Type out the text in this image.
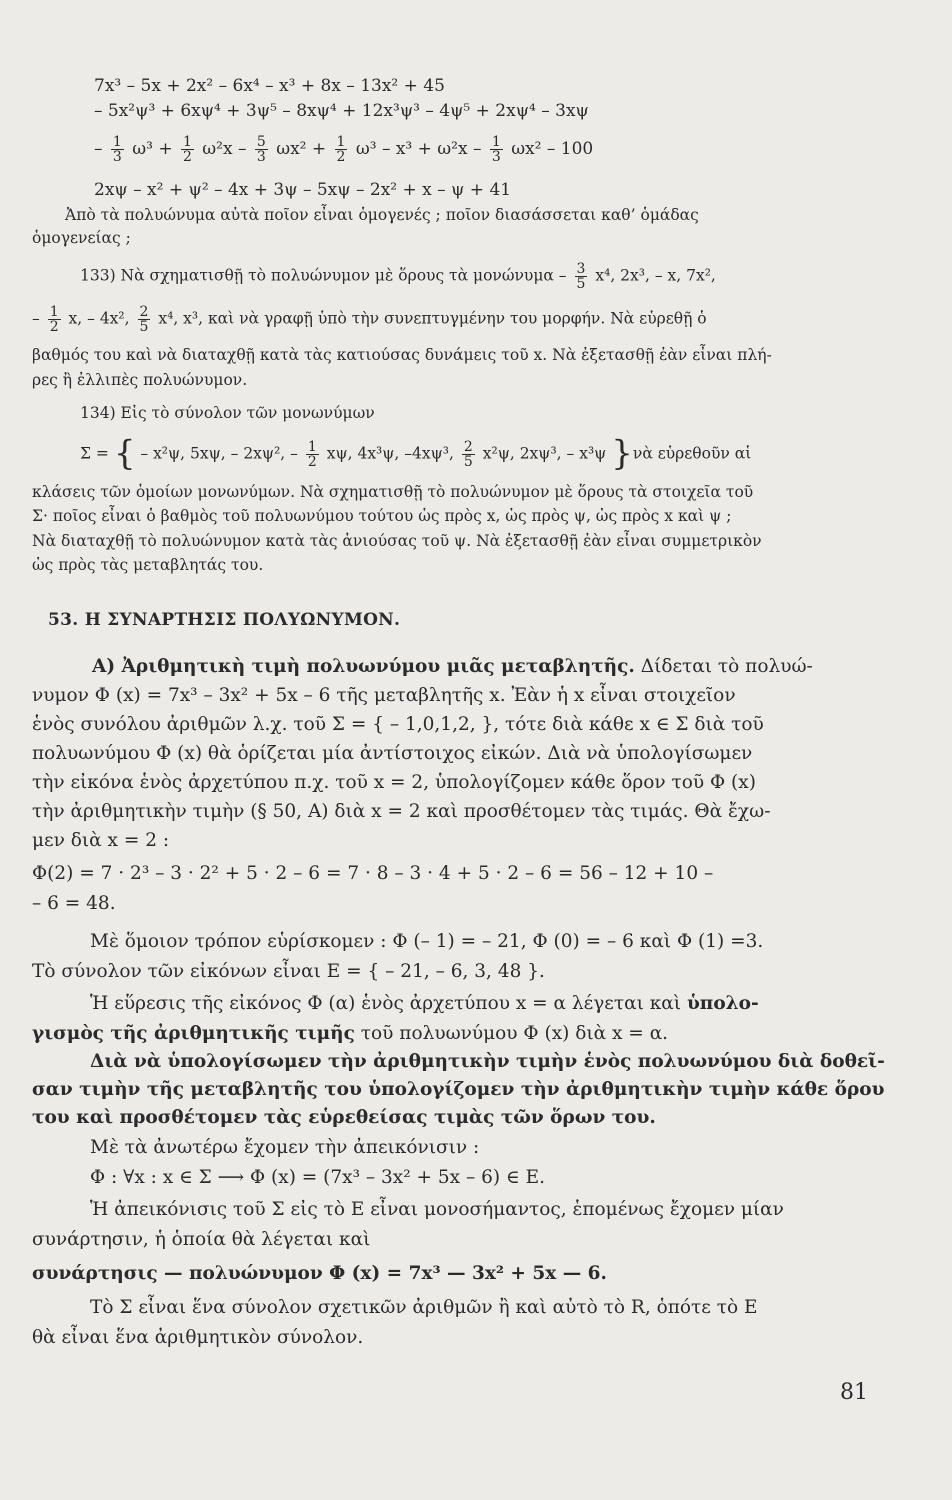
7x³ – 5x + 2x² – 6x⁴ – x³ + 8x – 13x² + 45
– 5x²ψ³ + 6xψ⁴ + 3ψ⁵ – 8xψ⁴ + 12x³ψ³ – 4ψ⁵ + 2xψ⁴ – 3xψ
– $\frac{1}{3} \omega^3 + \frac{1}{2} \omega^2x - \frac{5}{3} \omega x^2 + \frac{1}{2} \omega^3 - x^3 + \omega^2x - \frac{1}{3} \omega x^2 - 100$
2xψ – x² + ψ² – 4x + 3ψ – 5xψ – 2x² + x – ψ + 41
Ἀπὸ τὰ πολυώνυμα αὐτὰ ποῖον εἶναι ὁμογενές ; ποῖον διασάσσεται καθ’ ὁμάδας
ὁμογενείας ;
133) Νὰ σχηματισθῇ τὸ πολυώνυμον μὲ ὅρους τὰ μονώνυμα – $\frac{3}{5} x^4$, 2x³, – x, 7x²,
– $\frac{1}{2} x$, – 4x², $\frac{2}{5} x^4$, x³, καὶ νὰ γραφῇ ὑπὸ τὴν συνεπτυγμένην του μορφήν. Νὰ εὑρεθῇ ὁ
βαθμός του καὶ νὰ διαταχθῇ κατὰ τὰς κατιούσας δυνάμεις τοῦ x. Νὰ ἐξετασθῇ ἐὰν εἶναι πλή-
ρες ἢ ἐλλιπὲς πολυώνυμον.
134) Εἰς τὸ σύνολον τῶν μονωνύμων
Σ = { – x²ψ, 5xψ, – 2xψ², – $\frac{1}{2} x\psi$, 4x³ψ, –4xψ³, $\frac{2}{5} x^2\psi$, 2xψ³, – x³ψ }νὰ εὑρεθοῦν αἱ
κλάσεις τῶν ὁμοίων μονωνύμων. Νὰ σχηματισθῇ τὸ πολυώνυμον μὲ ὅρους τὰ στοιχεῖα τοῦ
Σ· ποῖος εἶναι ὁ βαθμὸς τοῦ πολυωνύμου τούτου ὡς πρὸς x, ὡς πρὸς ψ, ὡς πρὸς x καὶ ψ ;
Νὰ διαταχθῇ τὸ πολυώνυμον κατὰ τὰς ἀνιούσας τοῦ ψ. Νὰ ἐξετασθῇ ἐὰν εἶναι συμμετρικὸν
ὡς πρὸς τὰς μεταβλητάς του.
53. Η ΣΥΝΑΡΤΗΣΙΣ ΠΟΛΥΩΝΥΜΟΝ.
Α) Ἀριθμητικὴ τιμὴ πολυωνύμου μιᾶς μεταβλητῆς. Δίδεται τὸ πολυώ-
νυμον Φ (x) = 7x³ – 3x² + 5x – 6 τῆς μεταβλητῆς x. Ἐὰν ἡ x εἶναι στοιχεῖον
ἑνὸς συνόλου ἀριθμῶν λ.χ. τοῦ Σ = { – 1,0,1,2, }, τότε διὰ κάθε x ∈ Σ διὰ τοῦ
πολυωνύμου Φ (x) θὰ ὁρίζεται μία ἀντίστοιχος εἰκών. Διὰ νὰ ὑπολογίσωμεν
τὴν εἰκόνα ἑνὸς ἀρχετύπου π.χ. τοῦ x = 2, ὑπολογίζομεν κάθε ὅρον τοῦ Φ (x)
τὴν ἀριθμητικὴν τιμὴν (§ 50, Α) διὰ x = 2 καὶ προσθέτομεν τὰς τιμάς. Θὰ ἔχω-
μεν διὰ x = 2 :
Φ(2) = 7 · 2³ – 3 · 2² + 5 · 2 – 6 = 7 · 8 – 3 · 4 + 5 · 2 – 6 = 56 – 12 + 10 –
– 6 = 48.
Μὲ ὅμοιον τρόπον εὑρίσκομεν : Φ (– 1) = – 21, Φ (0) = – 6 καὶ Φ (1) =3.
Τὸ σύνολον τῶν εἰκόνων εἶναι Ε = { – 21, – 6, 3, 48 }.
Ἡ εὕρεσις τῆς εἰκόνος Φ (α) ἑνὸς ἀρχετύπου x = α λέγεται καὶ ὑπολο-
γισμὸς τῆς ἀριθμητικῆς τιμῆς τοῦ πολυωνύμου Φ (x) διὰ x = α.
Διὰ νὰ ὑπολογίσωμεν τὴν ἀριθμητικὴν τιμὴν ἑνὸς πολυωνύμου διὰ δοθεῖ-
σαν τιμὴν τῆς μεταβλητῆς του ὑπολογίζομεν τὴν ἀριθμητικὴν τιμὴν κάθε ὅρου
του καὶ προσθέτομεν τὰς εὑρεθείσας τιμὰς τῶν ὅρων του.
Μὲ τὰ ἀνωτέρω ἔχομεν τὴν ἀπεικόνισιν :
Φ : ∀x : x ∈ Σ ⟶ Φ (x) = (7x³ – 3x² + 5x – 6) ∈ Ε.
Ἡ ἀπεικόνισις τοῦ Σ εἰς τὸ Ε εἶναι μονοσήμαντος, ἑπομένως ἔχομεν μίαν
συνάρτησιν, ἡ ὁποία θὰ λέγεται καὶ
συνάρτησις — πολυώνυμον Φ (x) = 7x³ — 3x² + 5x — 6.
Τὸ Σ εἶναι ἕνα σύνολον σχετικῶν ἀριθμῶν ἢ καὶ αὐτὸ τὸ R, ὁπότε τὸ Ε
θὰ εἶναι ἕνα ἀριθμητικὸν σύνολον.
81
